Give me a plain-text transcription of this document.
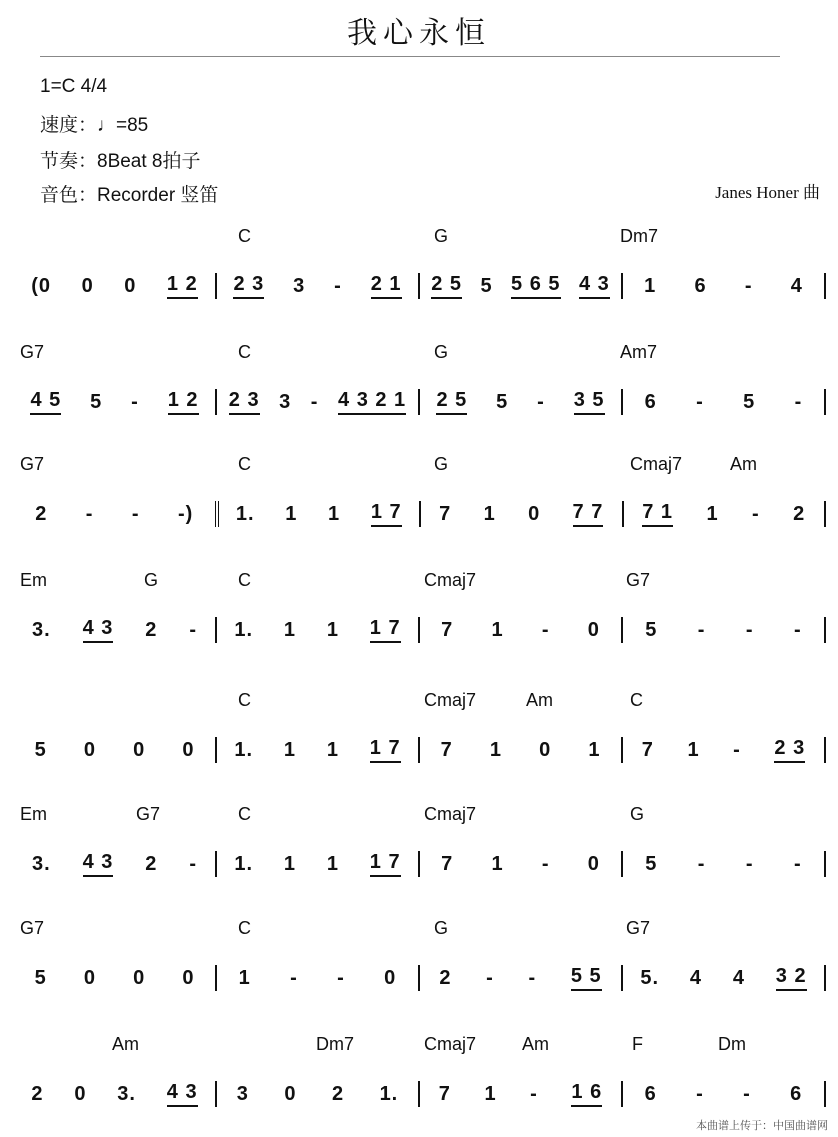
我心永恒
1=C 4/4
速度：♩=85
节奏：8Beat 8拍子
音色：Recorder 竖笛	Janes Honer 曲
C	G	Dm7
(0 0 0 1 2 2 3 3 - 2 1 2 5 5 5 6 5 4 3 1 6 - 4
G7	C	G	Am7
4 5 5 - 1 2 2 3 3 - 4 3 2 1 2 5 5 - 3 5 6 - 5 -
G7	C	G	Cmaj7	Am
2 - - -) 1. 1 1 1 7 7 1 0 7 7 7 1 1 - 2
Em	G	C	Cmaj7	G7
3. 4 3 2 - 1. 1 1 1 7 7 1 - 0 5 - - -
C	Cmaj7	Am	C
5 0 0 0 1. 1 1 1 7 7 1 0 1 7 1 - 2 3
Em	G7	C	Cmaj7	G
3. 4 3 2 - 1. 1 1 1 7 7 1 - 0 5 - - -
G7	C	G	G7
5 0 0 0 1 - - 0 2 - - 5 5 5. 4 4 3 2
Am	Dm7	Cmaj7	Am	F	Dm
2 0 3. 4 3 3 0 2 1. 7 1 - 1 6 6 - - 6
本曲谱上传于：中国曲谱网
